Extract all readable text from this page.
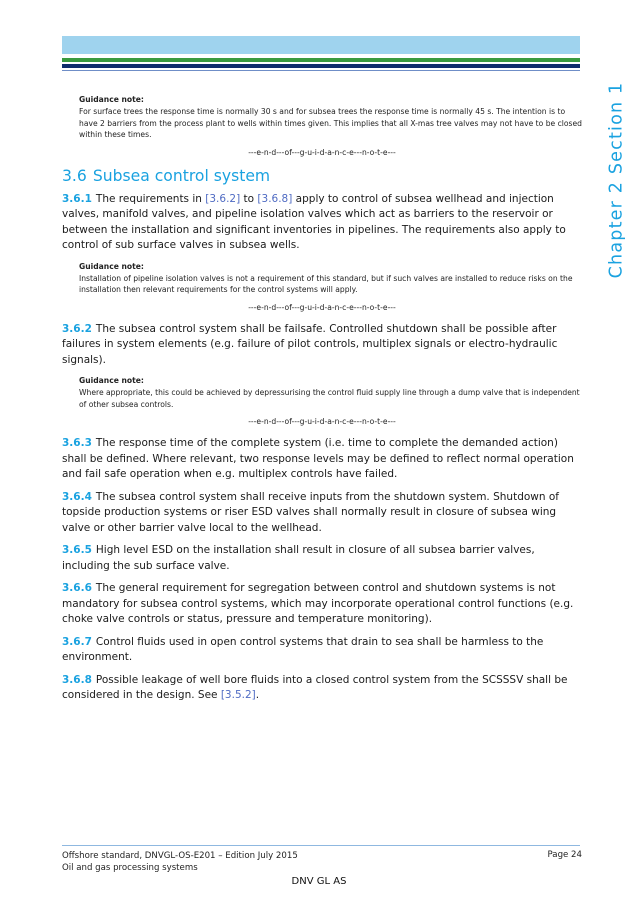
Chapter 2 Section 1
Guidance note:
For surface trees the response time is normally 30 s and for subsea trees the response time is normally 45 s. The intention is to have 2 barriers from the process plant to wells within times given. This implies that all X-mas tree valves may not have to be closed within these times.
---e-n-d---of---g-u-i-d-a-n-c-e---n-o-t-e---
3.6 Subsea control system

3.6.1 The requirements in [3.6.2] to [3.6.8] apply to control of subsea wellhead and injection valves, manifold valves, and pipeline isolation valves which act as barriers to the reservoir or between the installation and significant inventories in pipelines. The requirements also apply to control of sub surface valves in subsea wells.

Guidance note:
Installation of pipeline isolation valves is not a requirement of this standard, but if such valves are installed to reduce risks on the installation then relevant requirements for the control systems will apply.
---e-n-d---of---g-u-i-d-a-n-c-e---n-o-t-e---

3.6.2 The subsea control system shall be failsafe. Controlled shutdown shall be possible after failures in system elements (e.g. failure of pilot controls, multiplex signals or electro-hydraulic signals).

Guidance note:
Where appropriate, this could be achieved by depressurising the control fluid supply line through a dump valve that is independent of other subsea controls.
---e-n-d---of---g-u-i-d-a-n-c-e---n-o-t-e---

3.6.3 The response time of the complete system (i.e. time to complete the demanded action) shall be defined. Where relevant, two response levels may be defined to reflect normal operation and fail safe operation when e.g. multiplex controls have failed.

3.6.4 The subsea control system shall receive inputs from the shutdown system. Shutdown of topside production systems or riser ESD valves shall normally result in closure of subsea wing valve or other barrier valve local to the wellhead.

3.6.5 High level ESD on the installation shall result in closure of all subsea barrier valves, including the sub surface valve.

3.6.6 The general requirement for segregation between control and shutdown systems is not mandatory for subsea control systems, which may incorporate operational control functions (e.g. choke valve controls or status, pressure and temperature monitoring).

3.6.7 Control fluids used in open control systems that drain to sea shall be harmless to the environment.

3.6.8 Possible leakage of well bore fluids into a closed control system from the SCSSSV shall be considered in the design. See [3.5.2].

Offshore standard, DNVGL-OS-E201 – Edition July 2015
Oil and gas processing systems
Page 24
DNV GL AS
